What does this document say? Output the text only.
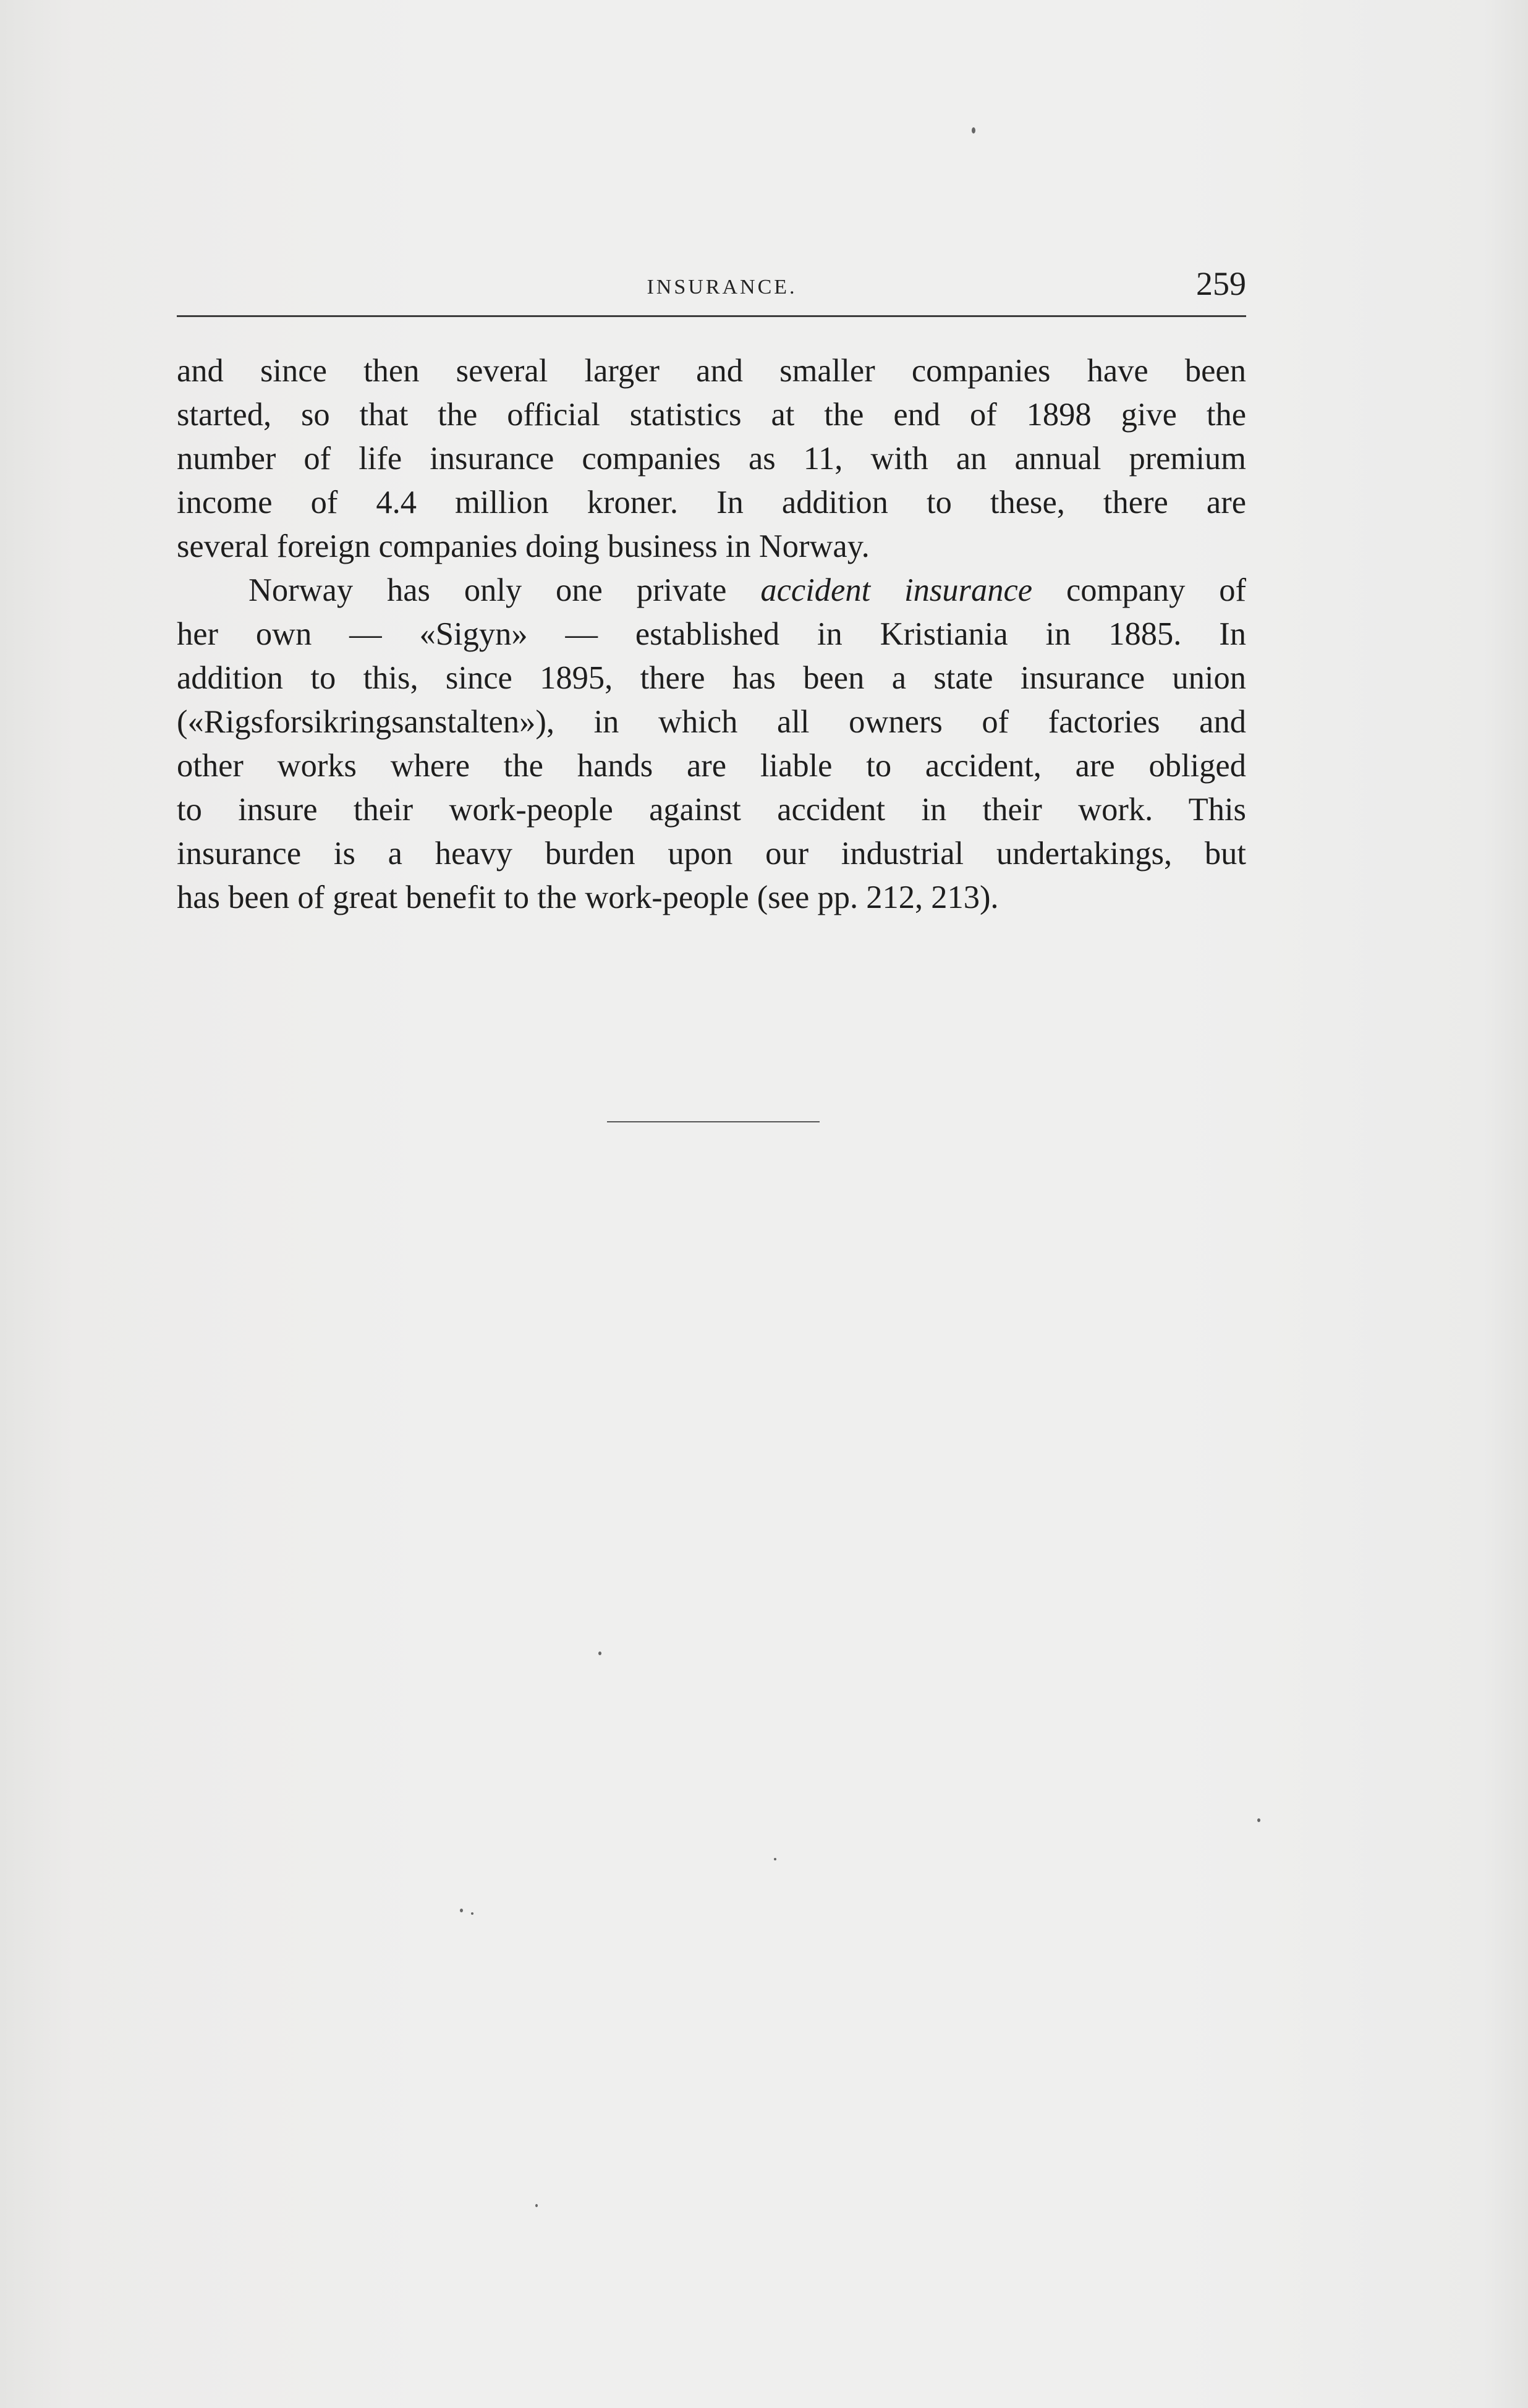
INSURANCE.	259
and since then several larger and smaller companies have been
started, so that the official statistics at the end of 1898 give the
number of life insurance companies as 11, with an annual premium
income of 4.4 million kroner. In addition to these, there are
several foreign companies doing business in Norway.
Norway has only one private accident insurance company of
her own — «Sigyn» — established in Kristiania in 1885. In
addition to this, since 1895, there has been a state insurance union
(«Rigsforsikringsanstalten»), in which all owners of factories and
other works where the hands are liable to accident, are obliged
to insure their work-people against accident in their work. This
insurance is a heavy burden upon our industrial undertakings, but
has been of great benefit to the work-people (see pp. 212, 213).
